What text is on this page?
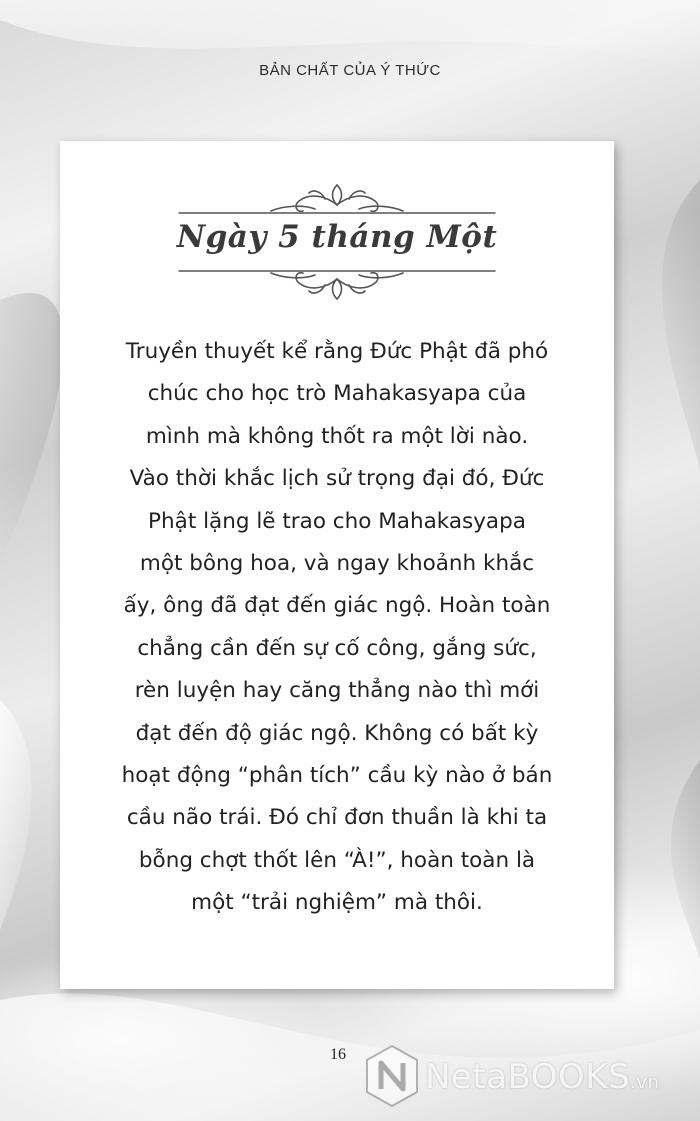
BẢN CHẤT CỦA Ý THỨC
Ngày 5 tháng Một

Truyền thuyết kể rằng Đức Phật đã phó
chúc cho học trò Mahakasyapa của
mình mà không thốt ra một lời nào.
Vào thời khắc lịch sử trọng đại đó, Đức
Phật lặng lẽ trao cho Mahakasyapa
một bông hoa, và ngay khoảnh khắc
ấy, ông đã đạt đến giác ngộ. Hoàn toàn
chẳng cần đến sự cố công, gắng sức,
rèn luyện hay căng thẳng nào thì mới
đạt đến độ giác ngộ. Không có bất kỳ
hoạt động “phân tích” cầu kỳ nào ở bán
cầu não trái. Đó chỉ đơn thuần là khi ta
bỗng chợt thốt lên “À!”, hoàn toàn là
một “trải nghiệm” mà thôi.

16
NetaBOOKS.vn
